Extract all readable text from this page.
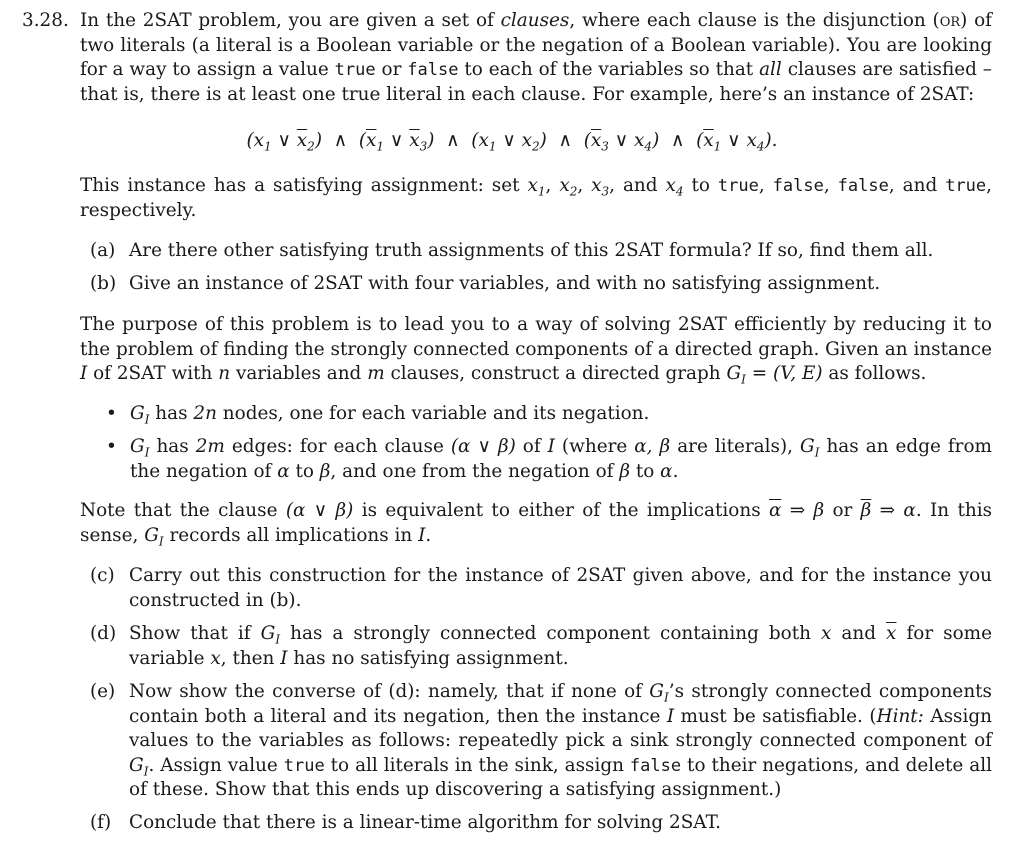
3.28. In the 2SAT problem, you are given a set of clauses, where each clause is the disjunction (or) of two literals (a literal is a Boolean variable or the negation of a Boolean variable). You are looking for a way to assign a value true or false to each of the variables so that all clauses are satisfied – that is, there is at least one true literal in each clause. For example, here’s an instance of 2SAT:

($x_1$ ∨ $\overline{x}_2$)  ∧  ($\overline{x}_1$ ∨ $\overline{x}_3$)  ∧  ($x_1$ ∨ $x_2$)  ∧  ($\overline{x}_3$ ∨ $x_4$)  ∧  ($\overline{x}_1$ ∨ $x_4$).

This instance has a satisfying assignment: set $x_1$, $x_2$, $x_3$, and $x_4$ to true, false, false, and true, respectively.

(a) Are there other satisfying truth assignments of this 2SAT formula? If so, find them all.
(b) Give an instance of 2SAT with four variables, and with no satisfying assignment.

The purpose of this problem is to lead you to a way of solving 2SAT efficiently by reducing it to the problem of finding the strongly connected components of a directed graph. Given an instance I of 2SAT with n variables and m clauses, construct a directed graph $G_I = (V$, E) as follows.

• $G_I$ has 2n nodes, one for each variable and its negation.
• $G_I$ has 2m edges: for each clause (α ∨ β) of I (where α, β are literals), $G_I$ has an edge from the negation of α to β, and one from the negation of β to α.

Note that the clause (α ∨ β) is equivalent to either of the implications $\overline{\alpha}$ ⇒ β or $\overline{\beta}$ ⇒ α. In this sense, $G_I$ records all implications in I.

(c) Carry out this construction for the instance of 2SAT given above, and for the instance you constructed in (b).
(d) Show that if $G_I$ has a strongly connected component containing both x and $\overline{x}$ for some variable x, then I has no satisfying assignment.
(e) Now show the converse of (d): namely, that if none of $G_I’s$ strongly connected components contain both a literal and its negation, then the instance I must be satisfiable. (Hint: Assign values to the variables as follows: repeatedly pick a sink strongly connected component of $G_I$. Assign value true to all literals in the sink, assign false to their negations, and delete all of these. Show that this ends up discovering a satisfying assignment.)
(f) Conclude that there is a linear-time algorithm for solving 2SAT.
